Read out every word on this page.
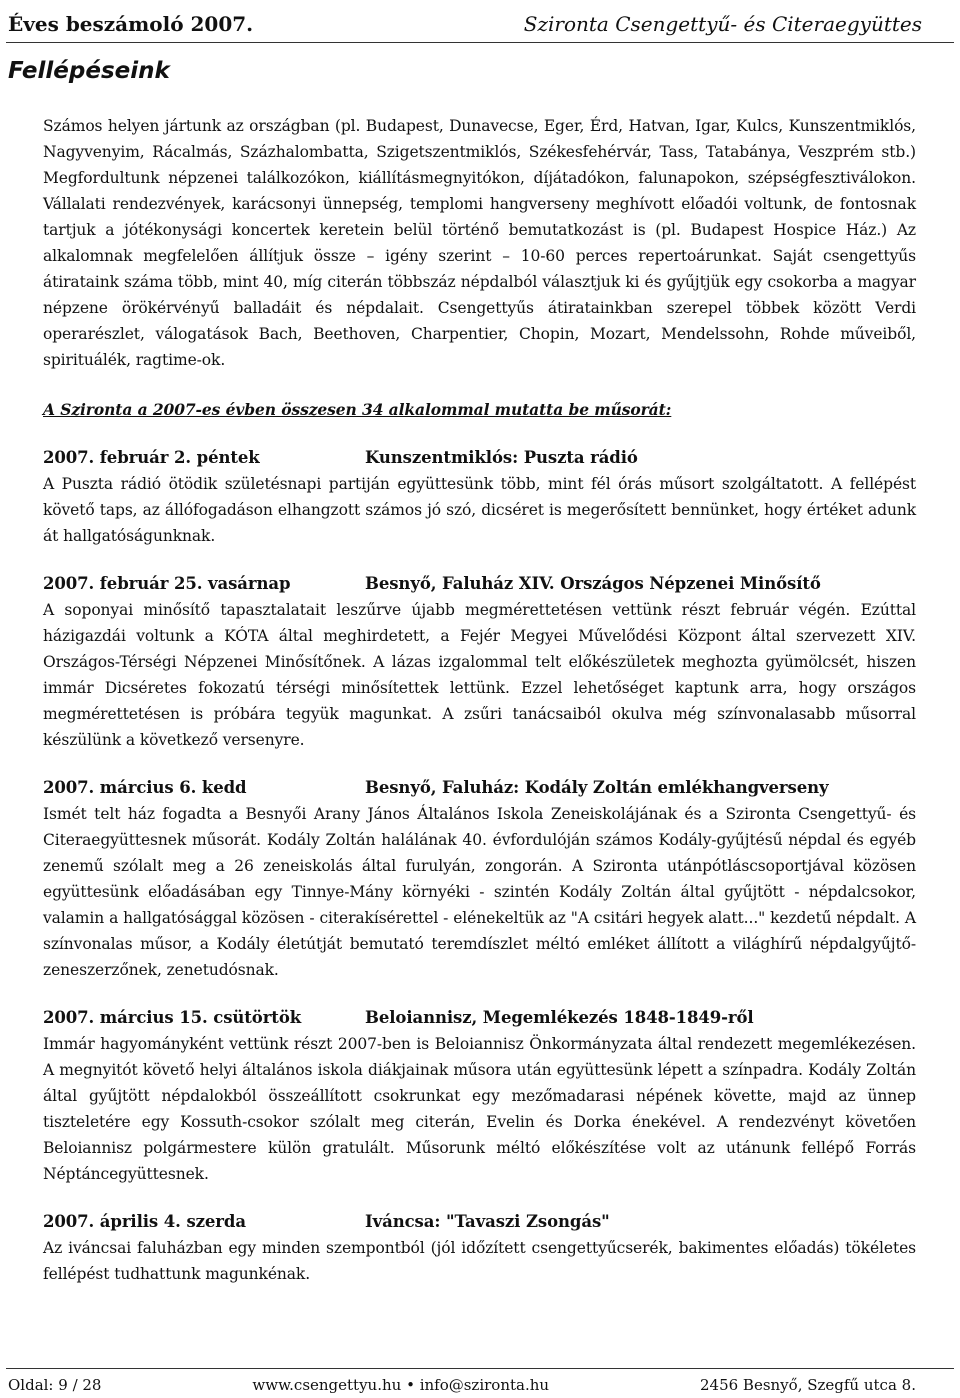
Éves beszámoló 2007.	Szironta Csengettyű- és Citeraegyüttes
Fellépéseink

Számos helyen jártunk az országban (pl. Budapest, Dunavecse, Eger, Érd, Hatvan, Igar, Kulcs, Kunszentmiklós, Nagyvenyim, Rácalmás, Százhalombatta, Szigetszentmiklós, Székesfehérvár, Tass, Tatabánya, Veszprém stb.) Megfordultunk népzenei találkozókon, kiállításmegnyitókon, díjátadókon, falunapokon, szépségfesztiválokon. Vállalati rendezvények, karácsonyi ünnepség, templomi hangverseny meghívott előadói voltunk, de fontosnak tartjuk a jótékonysági koncertek keretein belül történő bemutatkozást is (pl. Budapest Hospice Ház.) Az alkalomnak megfelelően állítjuk össze – igény szerint – 10-60 perces repertoárunkat. Saját csengettyűs átirataink száma több, mint 40, míg citerán többszáz népdalból választjuk ki és gyűjtjük egy csokorba a magyar népzene örökérvényű balladáit és népdalait. Csengettyűs átiratainkban szerepel többek között Verdi operarészlet, válogatások Bach, Beethoven, Charpentier, Chopin, Mozart, Mendelssohn, Rohde műveiből, spirituálék, ragtime-ok.

A Szironta a 2007-es évben összesen 34 alkalommal mutatta be műsorát:

2007. február 2. péntek	Kunszentmiklós: Puszta rádió

A Puszta rádió ötödik születésnapi partiján együttesünk több, mint fél órás műsort szolgáltatott. A fellépést követő taps, az állófogadáson elhangzott számos jó szó, dicséret is megerősített bennünket, hogy értéket adunk át hallgatóságunknak.

2007. február 25. vasárnap	Besnyő, Faluház XIV. Országos Népzenei Minősítő

A soponyai minősítő tapasztalatait leszűrve újabb megmérettetésen vettünk részt február végén. Ezúttal házigazdái voltunk a KÓTA által meghirdetett, a Fejér Megyei Művelődési Központ által szervezett XIV. Országos-Térségi Népzenei Minősítőnek. A lázas izgalommal telt előkészületek meghozta gyümölcsét, hiszen immár Dicséretes fokozatú térségi minősítettek lettünk. Ezzel lehetőséget kaptunk arra, hogy országos megmérettetésen is próbára tegyük magunkat. A zsűri tanácsaiból okulva még színvonalasabb műsorral készülünk a következő versenyre.

2007. március 6. kedd	Besnyő, Faluház: Kodály Zoltán emlékhangverseny

Ismét telt ház fogadta a Besnyői Arany János Általános Iskola Zeneiskolájának és a Szironta Csengettyű- és Citeraegyüttesnek műsorát. Kodály Zoltán halálának 40. évfordulóján számos Kodály-gyűjtésű népdal és egyéb zenemű szólalt meg a 26 zeneiskolás által furulyán, zongorán. A Szironta utánpótláscsoportjával közösen együttesünk előadásában egy Tinnye-Mány környéki - szintén Kodály Zoltán által gyűjtött - népdalcsokor, valamin a hallgatósággal közösen - citerakísérettel - elénekeltük az "A csitári hegyek alatt..." kezdetű népdalt. A színvonalas műsor, a Kodály életútját bemutató teremdíszlet méltó emléket állított a világhírű népdalgyűjtő-zeneszerzőnek, zenetudósnak.

2007. március 15. csütörtök	Beloiannisz, Megemlékezés 1848-1849-ről

Immár hagyományként vettünk részt 2007-ben is Beloiannisz Önkormányzata által rendezett megemlékezésen. A megnyitót követő helyi általános iskola diákjainak műsora után együttesünk lépett a színpadra. Kodály Zoltán által gyűjtött népdalokból összeállított csokrunkat egy mezőmadarasi népének követte, majd az ünnep tiszteletére egy Kossuth-csokor szólalt meg citerán, Evelin és Dorka énekével. A rendezvényt követően Beloiannisz polgármestere külön gratulált. Műsorunk méltó előkészítése volt az utánunk fellépő Forrás Néptáncegyüttesnek.

2007. április 4. szerda	Iváncsa: "Tavaszi Zsongás"

Az iváncsai faluházban egy minden szempontból (jól időzített csengettyűcserék, bakimentes előadás) tökéletes fellépést tudhattunk magunkénak.

Oldal: 9 / 28	www.csengettyu.hu • info@szironta.hu	2456 Besnyő, Szegfű utca 8.
